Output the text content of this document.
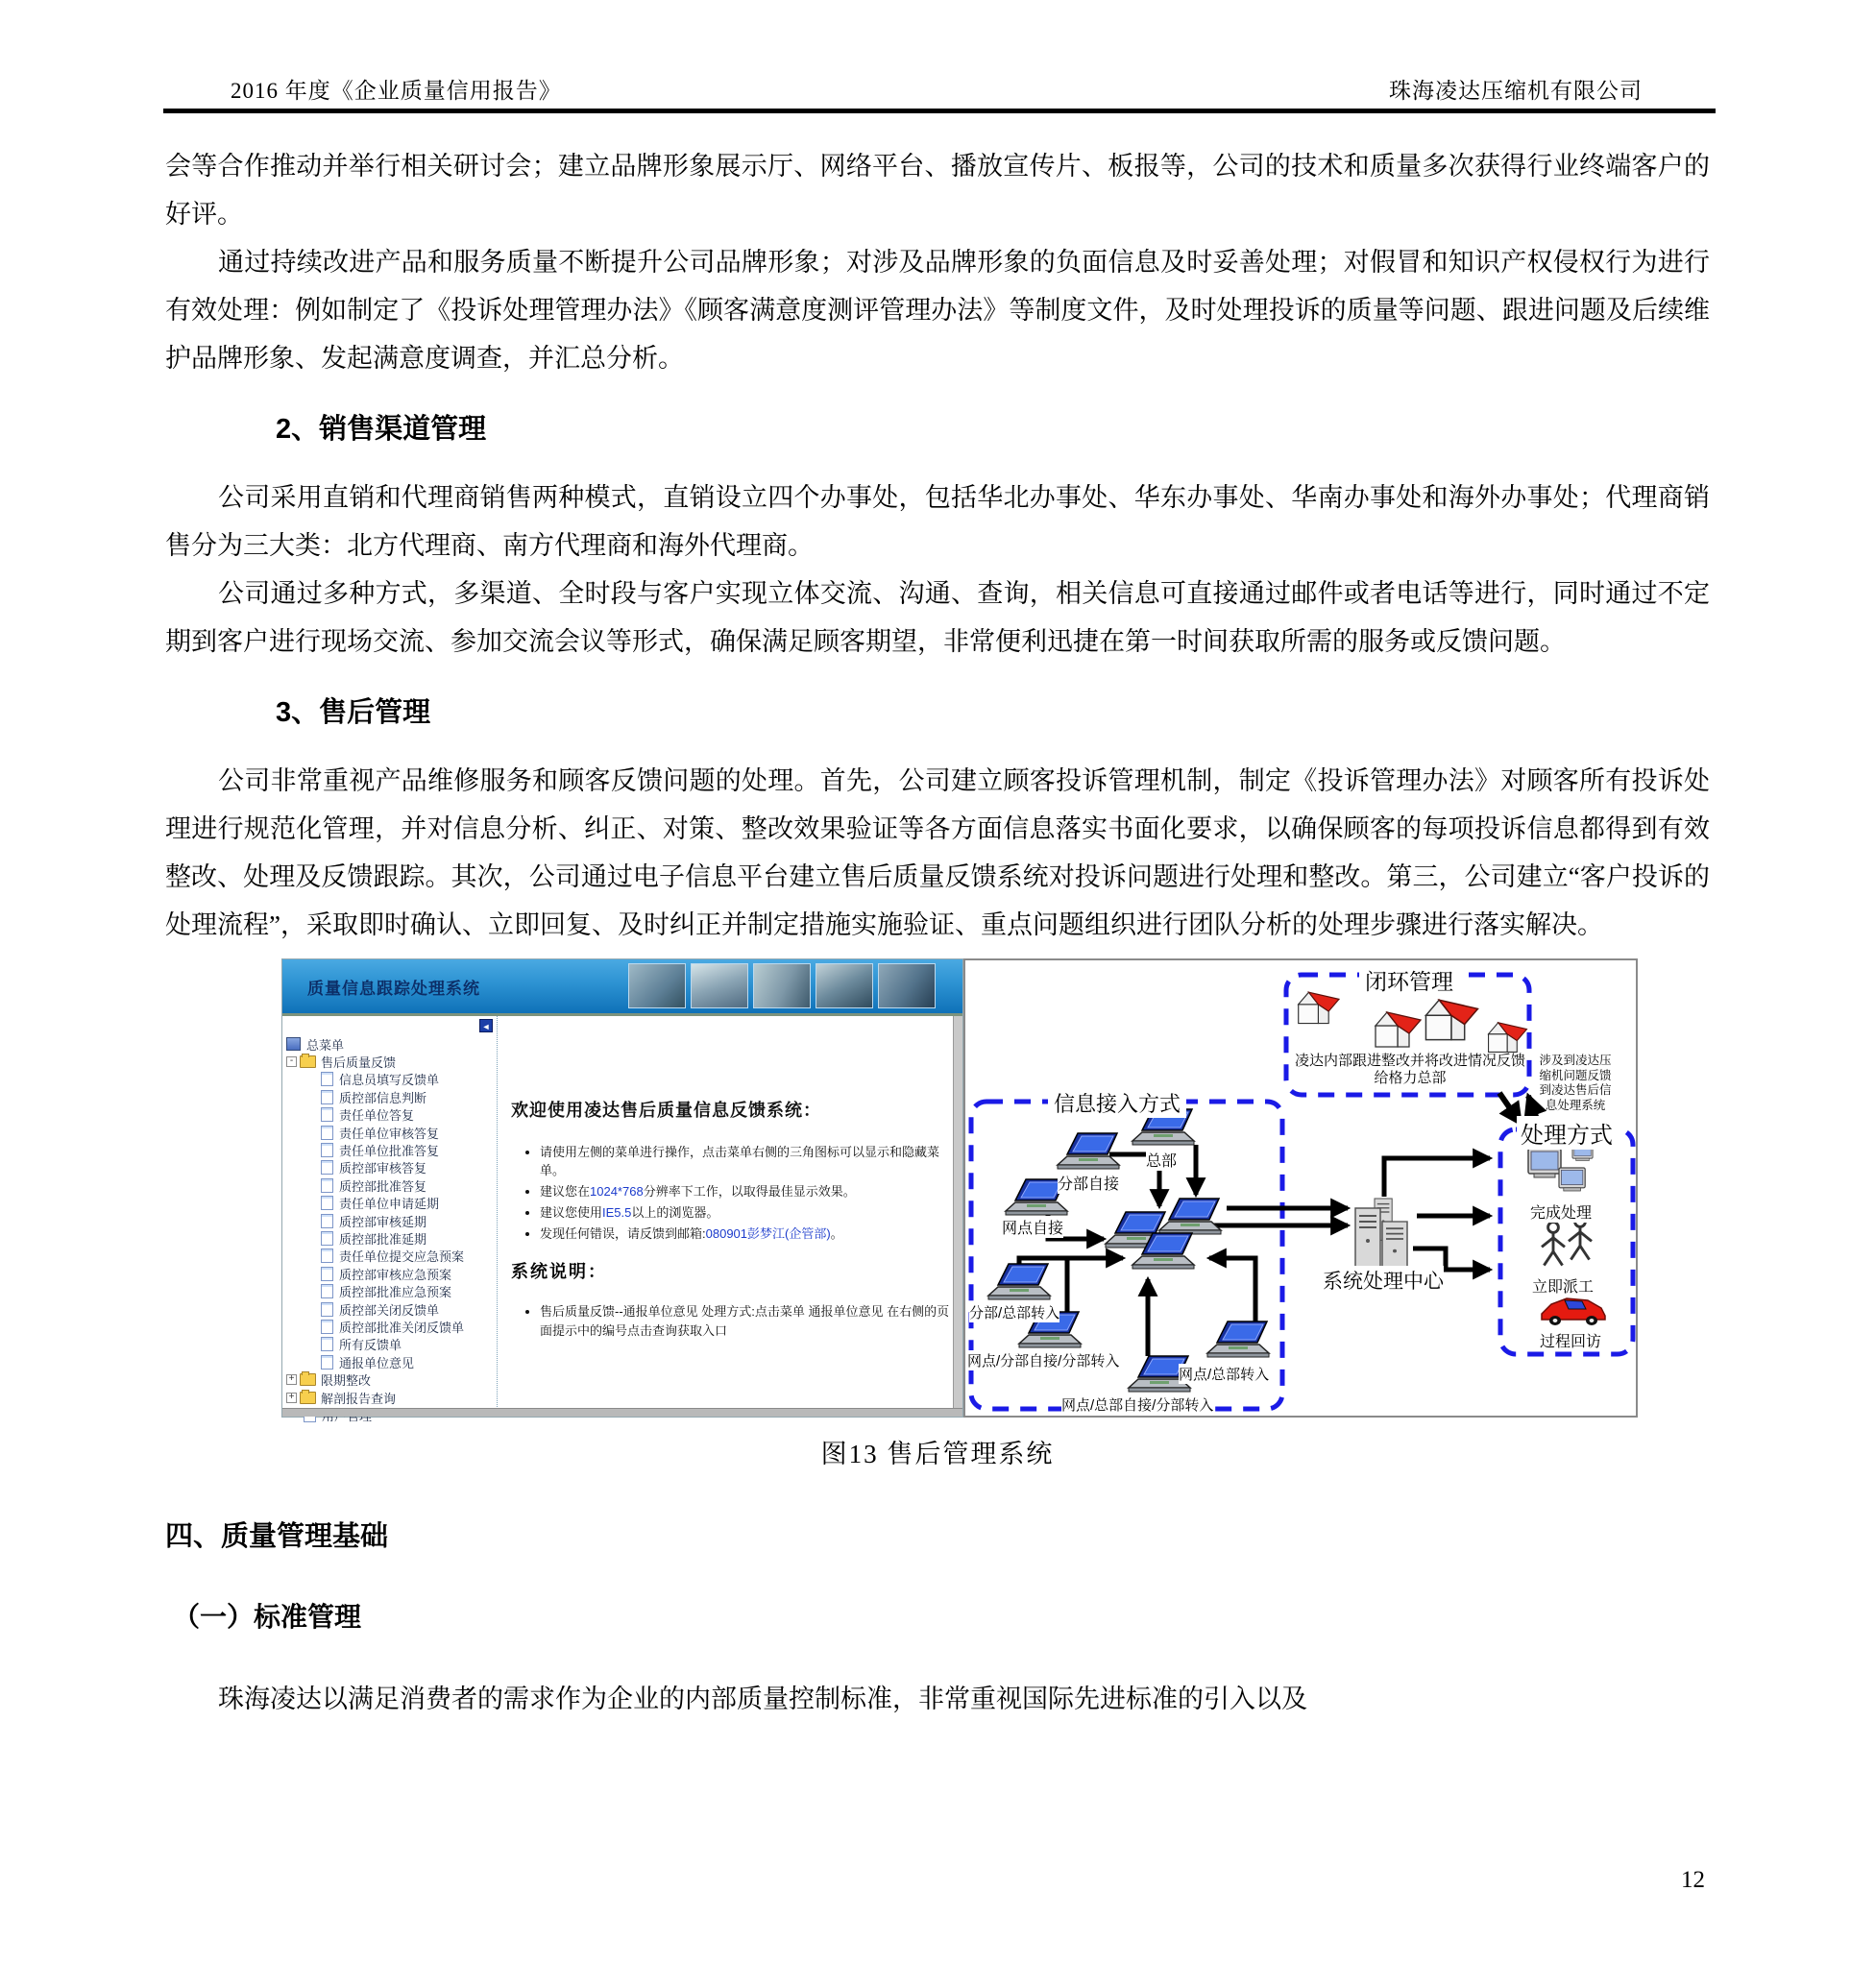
2016 年度《企业质量信用报告》	珠海凌达压缩机有限公司

会等合作推动并举行相关研讨会；建立品牌形象展示厅、网络平台、播放宣传片、板报等，公司的技术和质量多次获得行业终端客户的好评。

通过持续改进产品和服务质量不断提升公司品牌形象；对涉及品牌形象的负面信息及时妥善处理；对假冒和知识产权侵权行为进行有效处理：例如制定了《投诉处理管理办法》《顾客满意度测评管理办法》等制度文件，及时处理投诉的质量等问题、跟进问题及后续维护品牌形象、发起满意度调查，并汇总分析。

2、销售渠道管理

公司采用直销和代理商销售两种模式，直销设立四个办事处，包括华北办事处、华东办事处、华南办事处和海外办事处；代理商销售分为三大类：北方代理商、南方代理商和海外代理商。

公司通过多种方式，多渠道、全时段与客户实现立体交流、沟通、查询，相关信息可直接通过邮件或者电话等进行，同时通过不定期到客户进行现场交流、参加交流会议等形式，确保满足顾客期望，非常便利迅捷在第一时间获取所需的服务或反馈问题。

3、售后管理

公司非常重视产品维修服务和顾客反馈问题的处理。首先，公司建立顾客投诉管理机制，制定《投诉管理办法》对顾客所有投诉处理进行规范化管理，并对信息分析、纠正、对策、整改效果验证等各方面信息落实书面化要求，以确保顾客的每项投诉信息都得到有效整改、处理及反馈跟踪。其次，公司通过电子信息平台建立售后质量反馈系统对投诉问题进行处理和整改。第三，公司建立“客户投诉的处理流程”，采取即时确认、立即回复、及时纠正并制定措施实施验证、重点问题组织进行团队分析的处理步骤进行落实解决。

质量信息跟踪处理系统
◄
总菜单
- 售后质量反馈
信息员填写反馈单
质控部信息判断
责任单位答复
责任单位审核答复
责任单位批准答复
质控部审核答复
质控部批准答复
责任单位申请延期
质控部审核延期
质控部批准延期
责任单位提交应急预案
质控部审核应急预案
质控部批准应急预案
质控部关闭反馈单
质控部批准关闭反馈单
所有反馈单
通报单位意见
+ 限期整改
+ 解剖报告查询
欢迎使用凌达售后质量信息反馈系统：
• 请使用左侧的菜单进行操作，点击菜单右侧的三角图标可以显示和隐藏菜单。
• 建议您在1024*768分辨率下工作，以取得最佳显示效果。
• 建议您使用IE5.5以上的浏览器。
• 发现任何错误，请反馈到邮箱:080901彭梦江(企管部)。
系统说明：
• 售后质量反馈--通报单位意见 处理方式:点击菜单 通报单位意见 在右侧的页面提示中的编号点击查询获取入口
信息接入方式
闭环管理
凌达内部跟进整改并将改进情况反馈给格力总部
涉及到凌达压缩机问题反馈到凌达售后信息处理系统
处理方式
系统处理中心
总部
分部自接
网点自接
分部/总部转入
网点/分部自接/分部转入
网点/总部自接/分部转入
网点/总部转入
完成处理
立即派工
过程回访
图13 售后管理系统
四、质量管理基础
（一）标准管理

珠海凌达以满足消费者的需求作为企业的内部质量控制标准，非常重视国际先进标准的引入以及

12
